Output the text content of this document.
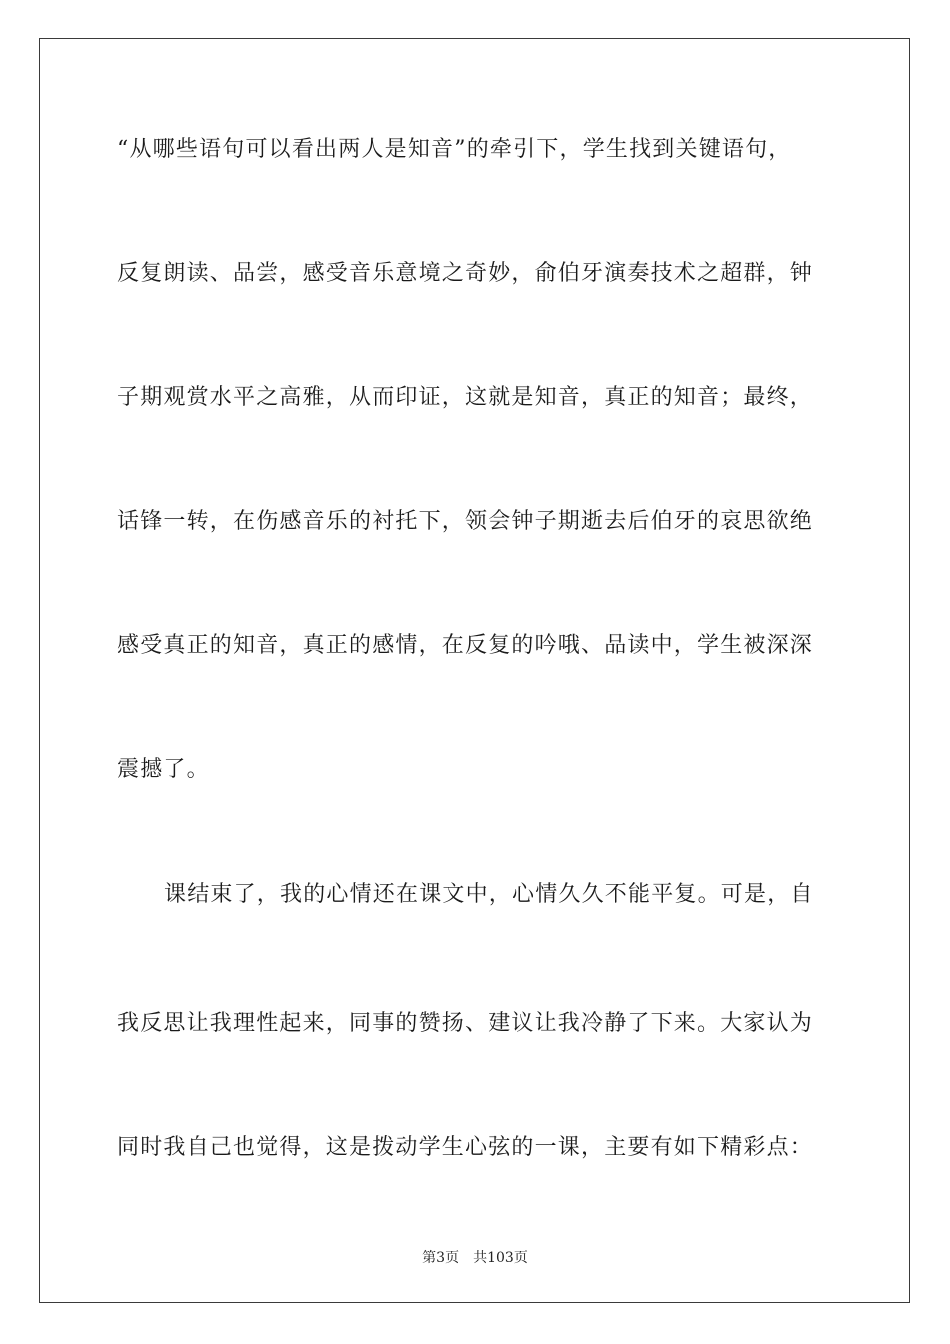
“从哪些语句可以看出两人是知音”的牵引下，学生找到关键语句，
反复朗读、品尝，感受音乐意境之奇妙，俞伯牙演奏技术之超群，钟
子期观赏水平之高雅，从而印证，这就是知音，真正的知音；最终，
话锋一转，在伤感音乐的衬托下，领会钟子期逝去后伯牙的哀思欲绝
感受真正的知音，真正的感情，在反复的吟哦、品读中，学生被深深
震撼了。
课结束了，我的心情还在课文中，心情久久不能平复。可是，自
我反思让我理性起来，同事的赞扬、建议让我冷静了下来。大家认为
同时我自己也觉得，这是拨动学生心弦的一课，主要有如下精彩点：
第3页 共103页
